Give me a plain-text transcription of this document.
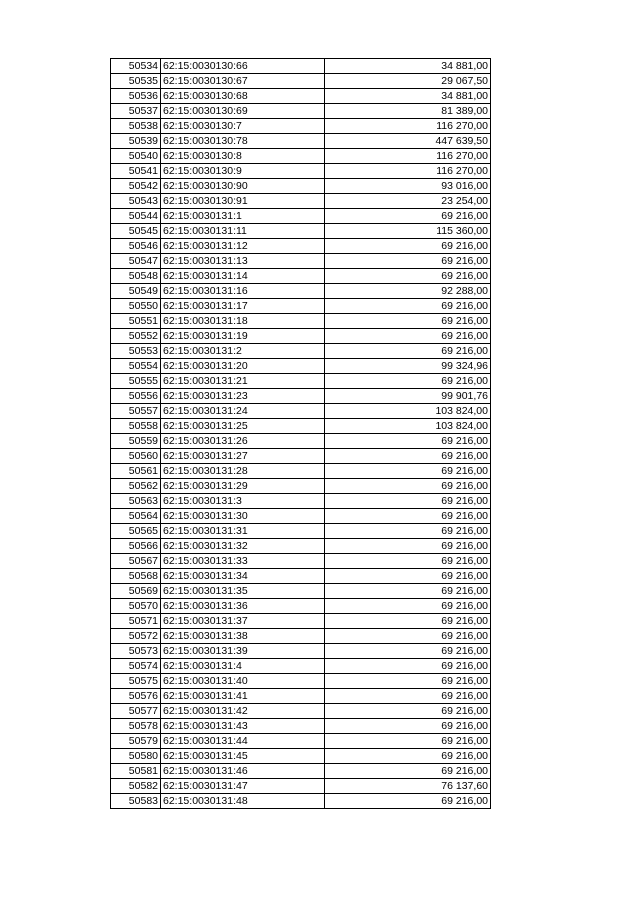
50534	62:15:0030130:66	34 881,00
50535	62:15:0030130:67	29 067,50
50536	62:15:0030130:68	34 881,00
50537	62:15:0030130:69	81 389,00
50538	62:15:0030130:7	116 270,00
50539	62:15:0030130:78	447 639,50
50540	62:15:0030130:8	116 270,00
50541	62:15:0030130:9	116 270,00
50542	62:15:0030130:90	93 016,00
50543	62:15:0030130:91	23 254,00
50544	62:15:0030131:1	69 216,00
50545	62:15:0030131:11	115 360,00
50546	62:15:0030131:12	69 216,00
50547	62:15:0030131:13	69 216,00
50548	62:15:0030131:14	69 216,00
50549	62:15:0030131:16	92 288,00
50550	62:15:0030131:17	69 216,00
50551	62:15:0030131:18	69 216,00
50552	62:15:0030131:19	69 216,00
50553	62:15:0030131:2	69 216,00
50554	62:15:0030131:20	99 324,96
50555	62:15:0030131:21	69 216,00
50556	62:15:0030131:23	99 901,76
50557	62:15:0030131:24	103 824,00
50558	62:15:0030131:25	103 824,00
50559	62:15:0030131:26	69 216,00
50560	62:15:0030131:27	69 216,00
50561	62:15:0030131:28	69 216,00
50562	62:15:0030131:29	69 216,00
50563	62:15:0030131:3	69 216,00
50564	62:15:0030131:30	69 216,00
50565	62:15:0030131:31	69 216,00
50566	62:15:0030131:32	69 216,00
50567	62:15:0030131:33	69 216,00
50568	62:15:0030131:34	69 216,00
50569	62:15:0030131:35	69 216,00
50570	62:15:0030131:36	69 216,00
50571	62:15:0030131:37	69 216,00
50572	62:15:0030131:38	69 216,00
50573	62:15:0030131:39	69 216,00
50574	62:15:0030131:4	69 216,00
50575	62:15:0030131:40	69 216,00
50576	62:15:0030131:41	69 216,00
50577	62:15:0030131:42	69 216,00
50578	62:15:0030131:43	69 216,00
50579	62:15:0030131:44	69 216,00
50580	62:15:0030131:45	69 216,00
50581	62:15:0030131:46	69 216,00
50582	62:15:0030131:47	76 137,60
50583	62:15:0030131:48	69 216,00
